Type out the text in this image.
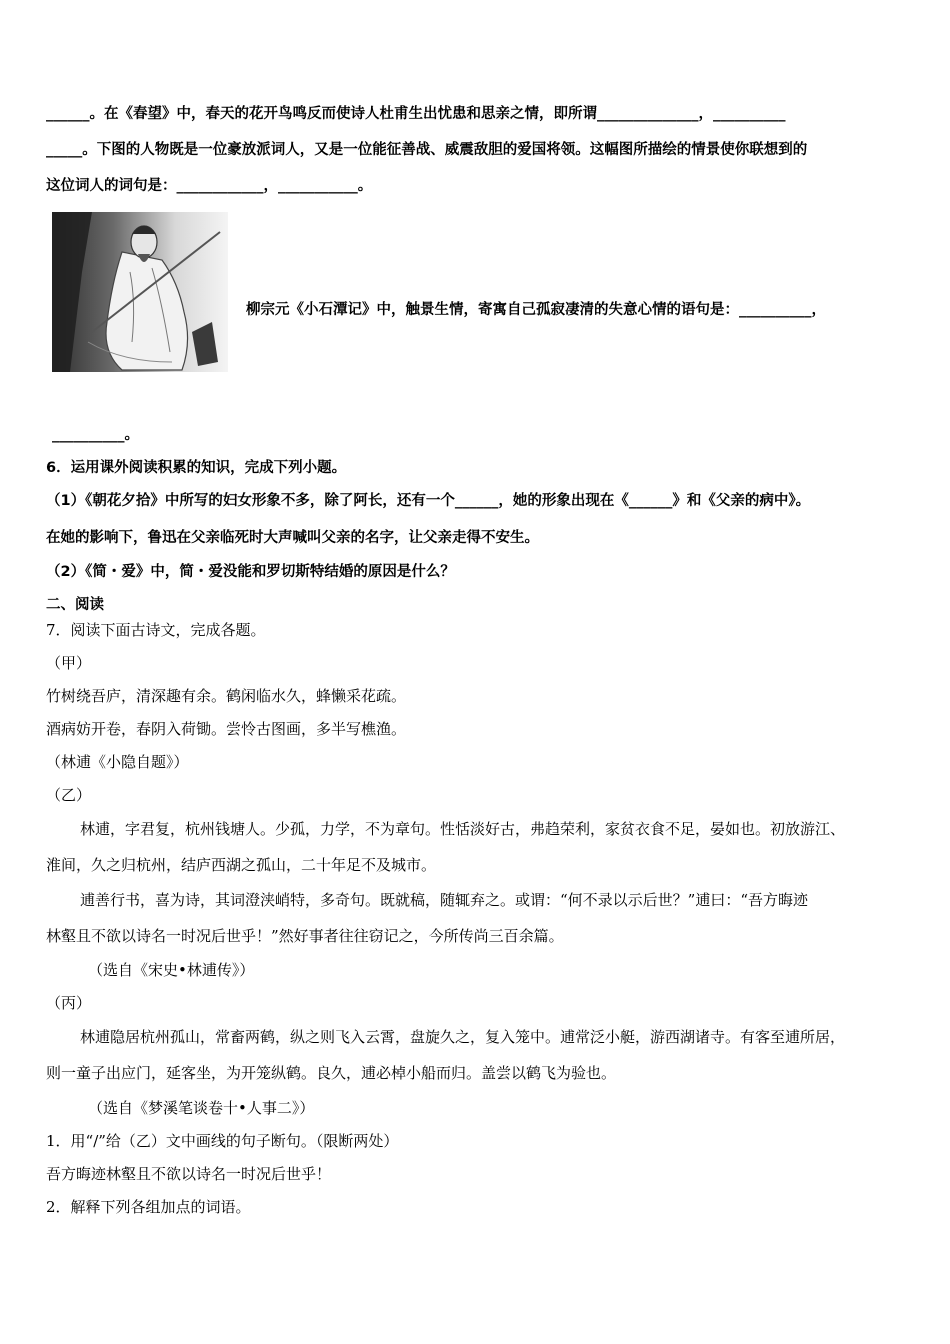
______。在《春望》中，春天的花开鸟鸣反而使诗人杜甫生出忧患和思亲之情，即所谓______________，__________
_____。下图的人物既是一位豪放派词人，又是一位能征善战、威震敌胆的爱国将领。这幅图所描绘的情景使你联想到的
这位词人的词句是：____________，___________。
柳宗元《小石潭记》中，触景生情，寄寓自己孤寂凄清的失意心情的语句是：__________，
__________。
6．运用课外阅读积累的知识，完成下列小题。
（1）《朝花夕拾》中所写的妇女形象不多，除了阿长，还有一个______，她的形象出现在《______》和《父亲的病中》。
在她的影响下，鲁迅在父亲临死时大声喊叫父亲的名字，让父亲走得不安生。
（2）《简・爱》中，简・爱没能和罗切斯特结婚的原因是什么？
二、阅读
7．阅读下面古诗文，完成各题。
（甲）
竹树绕吾庐，清深趣有余。鹤闲临水久，蜂懒采花疏。
酒病妨开卷，春阴入荷锄。尝怜古图画，多半写樵渔。
（林逋《小隐自题》）
（乙）
林逋，字君复，杭州钱塘人。少孤，力学，不为章句。性恬淡好古，弗趋荣利，家贫衣食不足，晏如也。初放游江、
淮间，久之归杭州，结庐西湖之孤山，二十年足不及城市。
逋善行书，喜为诗，其词澄浃峭特，多奇句。既就稿，随辄弃之。或谓：“何不录以示后世？”逋曰：“吾方晦迹
林壑且不欲以诗名一时况后世乎！”然好事者往往窃记之，今所传尚三百余篇。
（选自《宋史•林逋传》）
（丙）
林逋隐居杭州孤山，常畜两鹤，纵之则飞入云霄，盘旋久之，复入笼中。逋常泛小艇，游西湖诸寺。有客至逋所居，
则一童子出应门，延客坐，为开笼纵鹤。良久，逋必棹小船而归。盖尝以鹤飞为验也。
（选自《梦溪笔谈卷十•人事二》）
1．用“/”给（乙）文中画线的句子断句。（限断两处）
吾方晦迹林壑且不欲以诗名一时况后世乎！
2．解释下列各组加点的词语。
